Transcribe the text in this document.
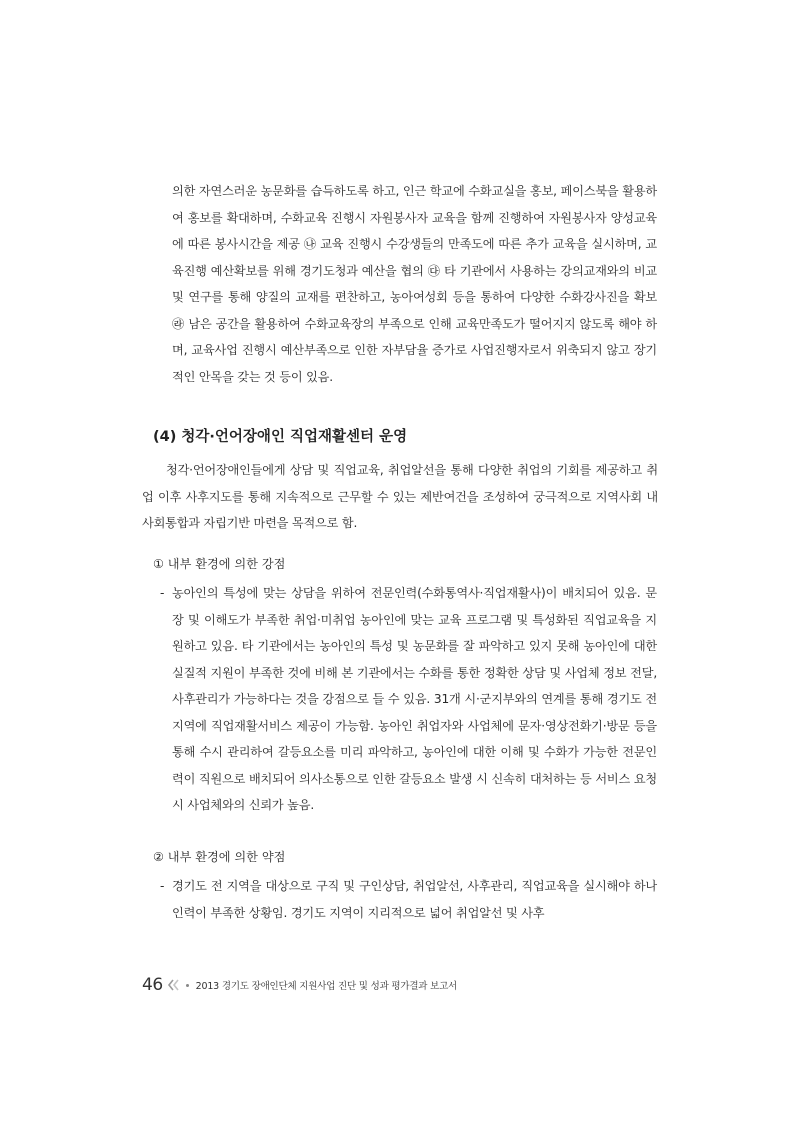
의한 자연스러운 농문화를 습득하도록 하고, 인근 학교에 수화교실을 홍보, 페이스북을 활용하여 홍보를 확대하며, 수화교육 진행시 자원봉사자 교육을 함께 진행하여 자원봉사자 양성교육에 따른 봉사시간을 제공 ㉯ 교육 진행시 수강생들의 만족도에 따른 추가 교육을 실시하며, 교육진행 예산확보를 위해 경기도청과 예산을 협의 ㉰ 타 기관에서 사용하는 강의교재와의 비교 및 연구를 통해 양질의 교재를 편찬하고, 농아여성회 등을 통하여 다양한 수화강사진을 확보 ㉱ 남은 공간을 활용하여 수화교육장의 부족으로 인해 교육만족도가 떨어지지 않도록 해야 하며, 교육사업 진행시 예산부족으로 인한 자부담율 증가로 사업진행자로서 위축되지 않고 장기적인 안목을 갖는 것 등이 있음.

(4) 청각·언어장애인 직업재활센터 운영

청각·언어장애인들에게 상담 및 직업교육, 취업알선을 통해 다양한 취업의 기회를 제공하고 취업 이후 사후지도를 통해 지속적으로 근무할 수 있는 제반여건을 조성하여 궁극적으로 지역사회 내 사회통합과 자립기반 마련을 목적으로 함.

① 내부 환경에 의한 강점

- 농아인의 특성에 맞는 상담을 위하여 전문인력(수화통역사·직업재활사)이 배치되어 있음. 문장 및 이해도가 부족한 취업·미취업 농아인에 맞는 교육 프로그램 및 특성화된 직업교육을 지원하고 있음. 타 기관에서는 농아인의 특성 및 농문화를 잘 파악하고 있지 못해 농아인에 대한 실질적 지원이 부족한 것에 비해 본 기관에서는 수화를 통한 정확한 상담 및 사업체 정보 전달, 사후관리가 가능하다는 것을 강점으로 들 수 있음. 31개 시·군지부와의 연계를 통해 경기도 전 지역에 직업재활서비스 제공이 가능함. 농아인 취업자와 사업체에 문자·영상전화기·방문 등을 통해 수시 관리하여 갈등요소를 미리 파악하고, 농아인에 대한 이해 및 수화가 가능한 전문인력이 직원으로 배치되어 의사소통으로 인한 갈등요소 발생 시 신속히 대처하는 등 서비스 요청 시 사업체와의 신뢰가 높음.

② 내부 환경에 의한 약점

- 경기도 전 지역을 대상으로 구직 및 구인상담, 취업알선, 사후관리, 직업교육을 실시해야 하나 인력이 부족한 상황임. 경기도 지역이 지리적으로 넓어 취업알선 및 사후

46	2013 경기도 장애인단체 지원사업 진단 및 성과 평가결과 보고서
